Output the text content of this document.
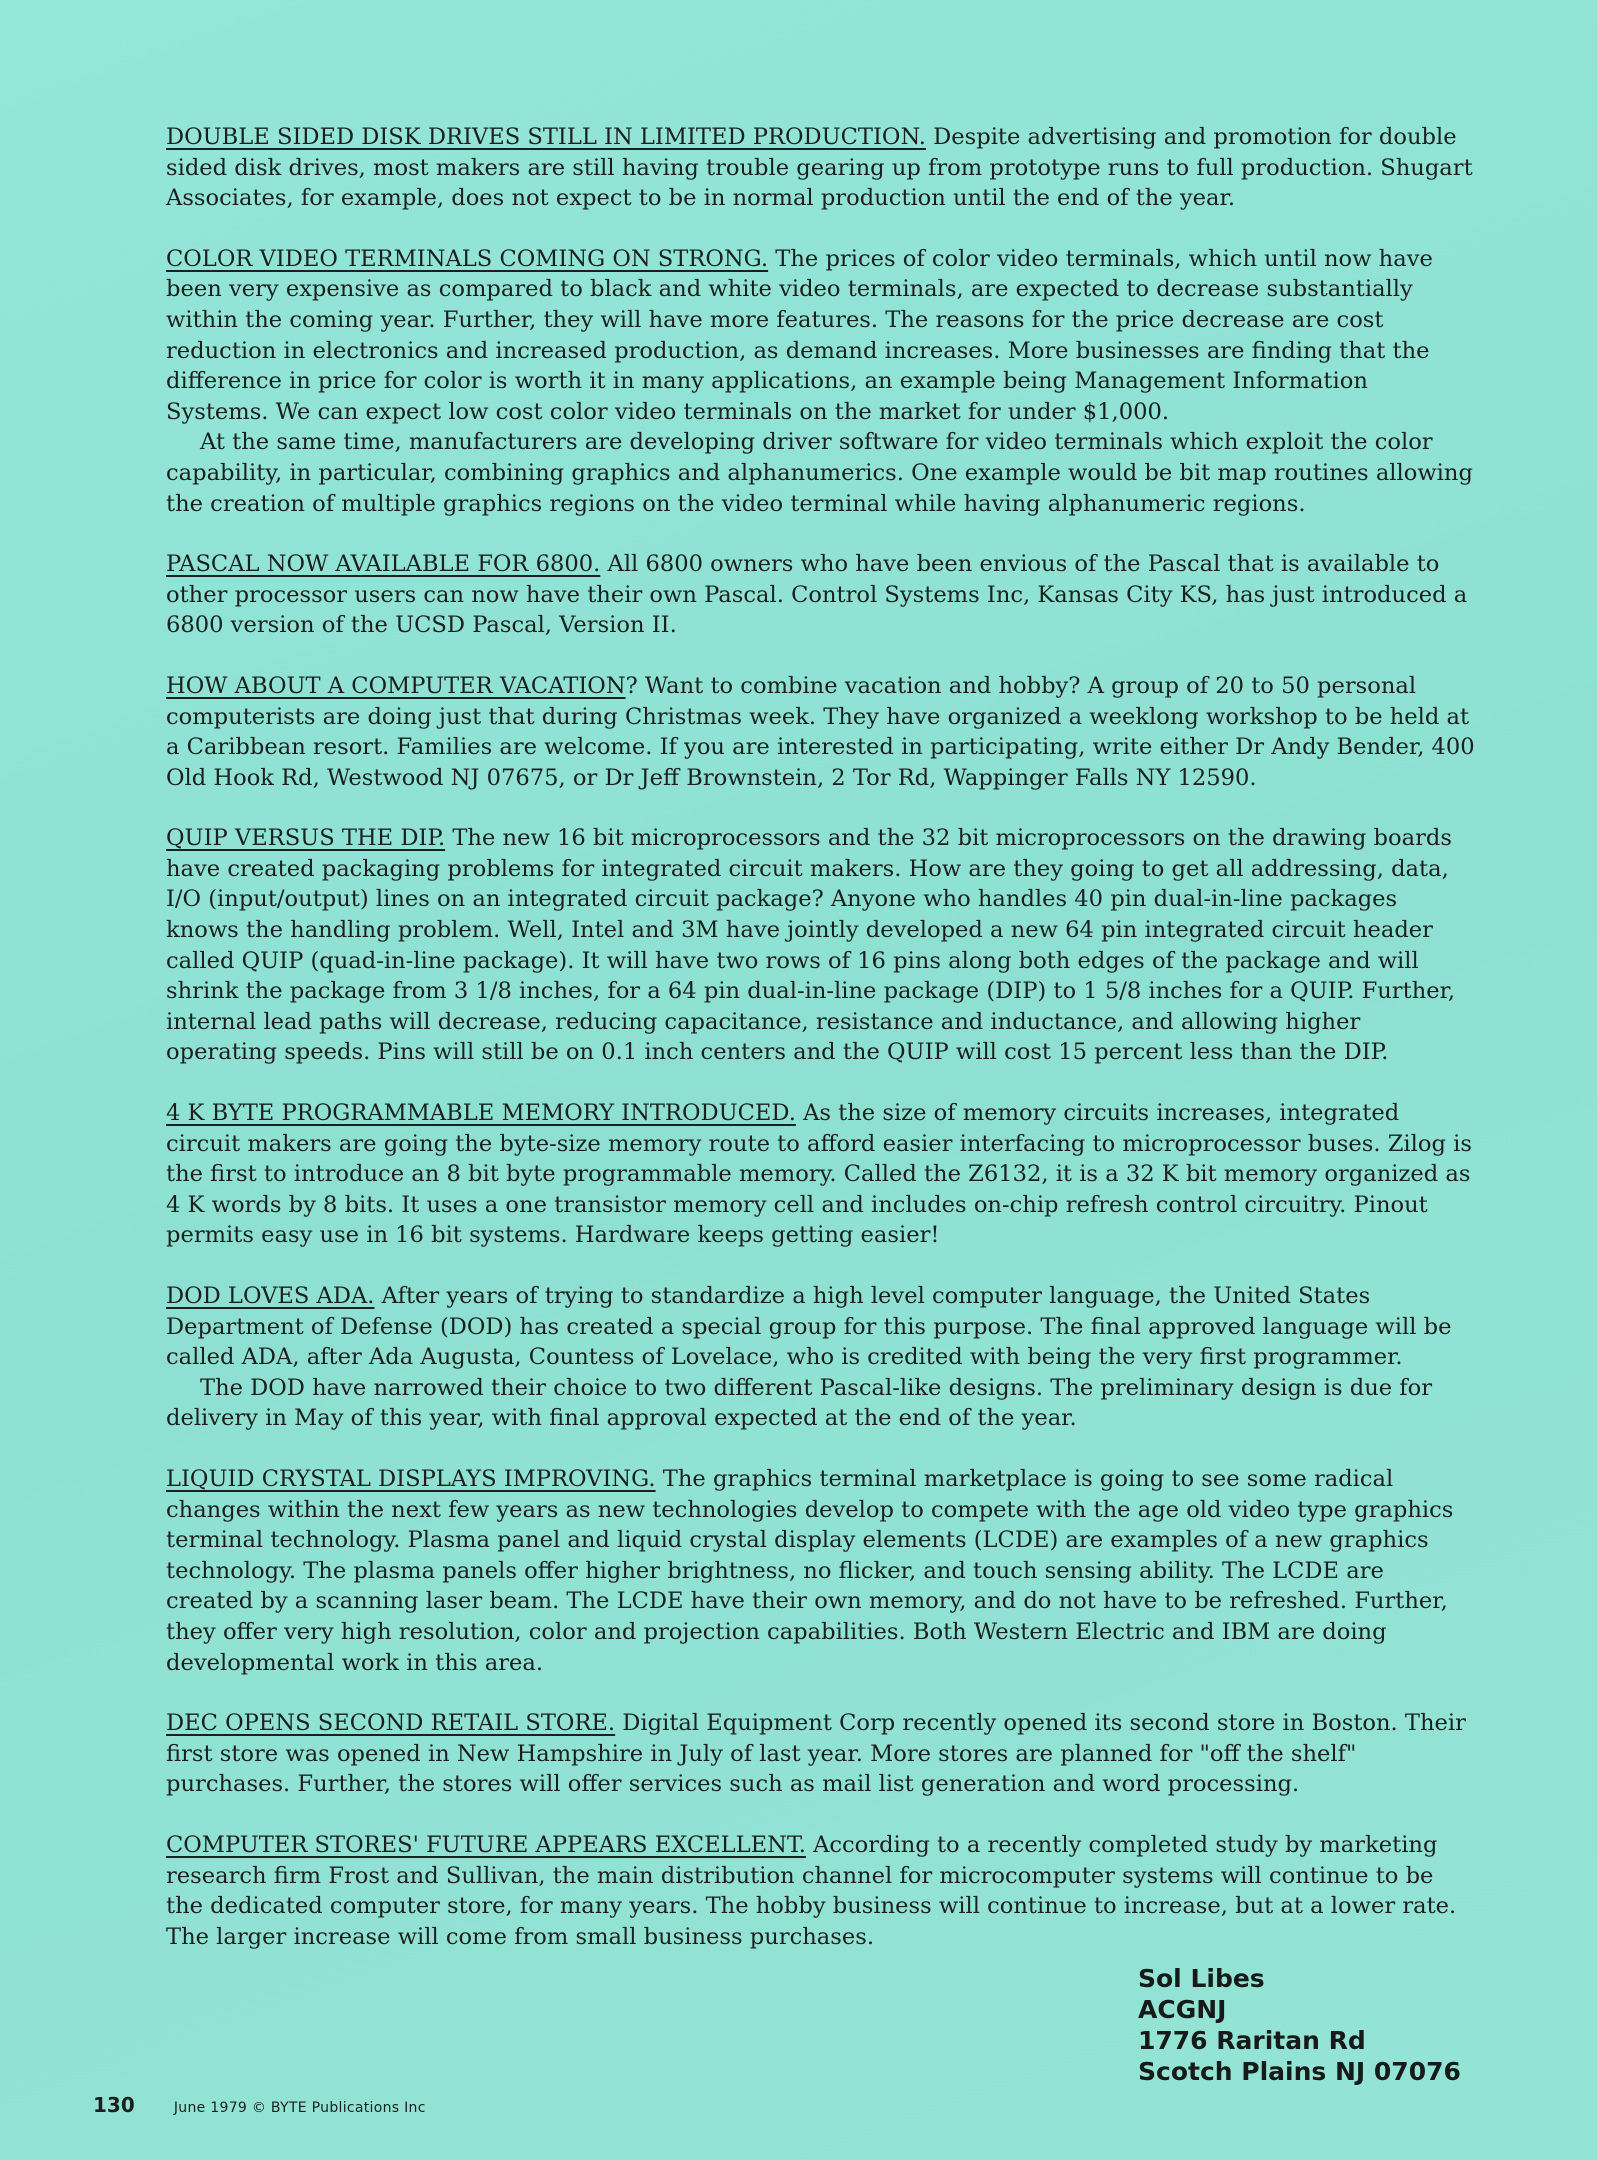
DOUBLE SIDED DISK DRIVES STILL IN LIMITED PRODUCTION. Despite advertising and promotion for double sided disk drives, most makers are still having trouble gearing up from prototype runs to full production. Shugart Associates, for example, does not expect to be in normal production until the end of the year.

COLOR VIDEO TERMINALS COMING ON STRONG. The prices of color video terminals, which until now have been very expensive as compared to black and white video terminals, are expected to decrease substantially within the coming year. Further, they will have more features. The reasons for the price decrease are cost reduction in electronics and increased production, as demand increases. More businesses are finding that the difference in price for color is worth it in many applications, an example being Management Information Systems. We can expect low cost color video terminals on the market for under $1,000.

At the same time, manufacturers are developing driver software for video terminals which exploit the color capability, in particular, combining graphics and alphanumerics. One example would be bit map routines allowing the creation of multiple graphics regions on the video terminal while having alphanumeric regions.

PASCAL NOW AVAILABLE FOR 6800. All 6800 owners who have been envious of the Pascal that is available to other processor users can now have their own Pascal. Control Systems Inc, Kansas City KS, has just introduced a 6800 version of the UCSD Pascal, Version II.

HOW ABOUT A COMPUTER VACATION? Want to combine vacation and hobby? A group of 20 to 50 personal computerists are doing just that during Christmas week. They have organized a weeklong workshop to be held at a Caribbean resort. Families are welcome. If you are interested in participating, write either Dr Andy Bender, 400 Old Hook Rd, Westwood NJ 07675, or Dr Jeff Brownstein, 2 Tor Rd, Wappinger Falls NY 12590.

QUIP VERSUS THE DIP. The new 16 bit microprocessors and the 32 bit microprocessors on the drawing boards have created packaging problems for integrated circuit makers. How are they going to get all addressing, data, I/O (input/output) lines on an integrated circuit package? Anyone who handles 40 pin dual-in-line packages knows the handling problem. Well, Intel and 3M have jointly developed a new 64 pin integrated circuit header called QUIP (quad-in-line package). It will have two rows of 16 pins along both edges of the package and will shrink the package from 3 1/8 inches, for a 64 pin dual-in-line package (DIP) to 1 5/8 inches for a QUIP. Further, internal lead paths will decrease, reducing capacitance, resistance and inductance, and allowing higher operating speeds. Pins will still be on 0.1 inch centers and the QUIP will cost 15 percent less than the DIP.

4 K BYTE PROGRAMMABLE MEMORY INTRODUCED. As the size of memory circuits increases, integrated circuit makers are going the byte-size memory route to afford easier interfacing to microprocessor buses. Zilog is the first to introduce an 8 bit byte programmable memory. Called the Z6132, it is a 32 K bit memory organized as 4 K words by 8 bits. It uses a one transistor memory cell and includes on-chip refresh control circuitry. Pinout permits easy use in 16 bit systems. Hardware keeps getting easier!

DOD LOVES ADA. After years of trying to standardize a high level computer language, the United States Department of Defense (DOD) has created a special group for this purpose. The final approved language will be called ADA, after Ada Augusta, Countess of Lovelace, who is credited with being the very first programmer.

The DOD have narrowed their choice to two different Pascal-like designs. The preliminary design is due for delivery in May of this year, with final approval expected at the end of the year.

LIQUID CRYSTAL DISPLAYS IMPROVING. The graphics terminal marketplace is going to see some radical changes within the next few years as new technologies develop to compete with the age old video type graphics terminal technology. Plasma panel and liquid crystal display elements (LCDE) are examples of a new graphics technology. The plasma panels offer higher brightness, no flicker, and touch sensing ability. The LCDE are created by a scanning laser beam. The LCDE have their own memory, and do not have to be refreshed. Further, they offer very high resolution, color and projection capabilities. Both Western Electric and IBM are doing developmental work in this area.

DEC OPENS SECOND RETAIL STORE. Digital Equipment Corp recently opened its second store in Boston. Their first store was opened in New Hampshire in July of last year. More stores are planned for "off the shelf" purchases. Further, the stores will offer services such as mail list generation and word processing.

COMPUTER STORES' FUTURE APPEARS EXCELLENT. According to a recently completed study by marketing research firm Frost and Sullivan, the main distribution channel for microcomputer systems will continue to be the dedicated computer store, for many years. The hobby business will continue to increase, but at a lower rate. The larger increase will come from small business purchases.

Sol Libes
ACGNJ
1776 Raritan Rd
Scotch Plains NJ 07076
130	June 1979 © BYTE Publications Inc
